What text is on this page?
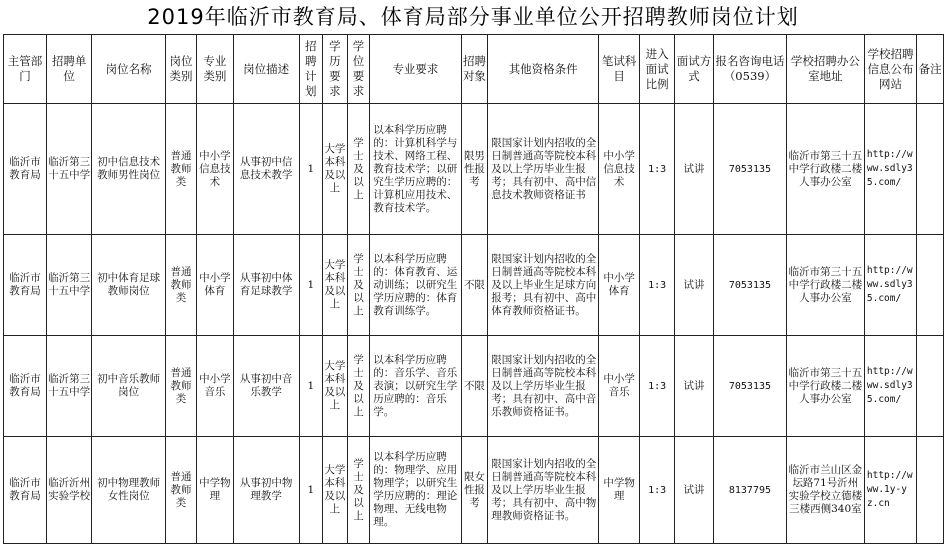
2019年临沂市教育局、体育局部分事业单位公开招聘教师岗位计划
主管部门	招聘单位	岗位名称	岗位类别	专业类别	岗位描述	招聘计划	学历要求	学位要求	专业要求	招聘对象	其他资格条件	笔试科目	进入面试比例	面试方式	报名咨询电话（0539）	学校招聘办公室地址	学校招聘信息公布网站	备注
临沂市教育局	临沂第三十五中学	初中信息技术教师男性岗位	普通教师类	中小学信息技术	从事初中信息技术教学	1	大学本科及以上	学士及以上	以本科学历应聘的：计算机科学与技术、网络工程、教育技术学；以研究生学历应聘的：计算机应用技术、教育技术学。	限男性报考	限国家计划内招收的全日制普通高等院校本科及以上学历毕业生报考；具有初中、高中信息技术教师资格证书	中小学信息技术	1:3	试讲	7053135	临沂市第三十五中学行政楼二楼人事办公室	http://www.sdly35.com/	
临沂市教育局	临沂第三十五中学	初中体育足球教师岗位	普通教师类	中小学体育	从事初中体育足球教学	1	大学本科及以上	学士及以上	以本科学历应聘的：体育教育、运动训练；以研究生学历应聘的：体育教育训练学。	不限	限国家计划内招收的全日制普通高等院校本科及以上毕业生足球方向报考；具有初中、高中体育教师资格证书。	中小学体育	1:3	试讲	7053135	临沂市第三十五中学行政楼二楼人事办公室	http://www.sdly35.com/	
临沂市教育局	临沂第三十五中学	初中音乐教师岗位	普通教师类	中小学音乐	从事初中音乐教学	1	大学本科及以上	学士及以上	以本科学历应聘的：音乐学、音乐表演；以研究生学历应聘的：音乐学。	不限	限国家计划内招收的全日制普通高等院校本科及以上学历毕业生报考；具有初中、高中音乐教师资格证书。	中小学音乐	1:3	试讲	7053135	临沂市第三十五中学行政楼二楼人事办公室	http://www.sdly35.com/	
临沂市教育局	临沂沂州实验学校	初中物理教师女性岗位	普通教师类	中学物理	从事初中物理教学	1	大学本科及以上	学士及以上	以本科学历应聘的：物理学、应用物理学；以研究生学历应聘的：理论物理、无线电物理。	限女性报考	限国家计划内招收的全日制普通高等院校本科及以上学历毕业生报考；具有初中、高中物理教师资格证书。	中学物理	1:3	试讲	8137795	临沂市兰山区金坛路71号沂州实验学校立德楼三楼西侧340室	http://www.1y-yz.cn	
